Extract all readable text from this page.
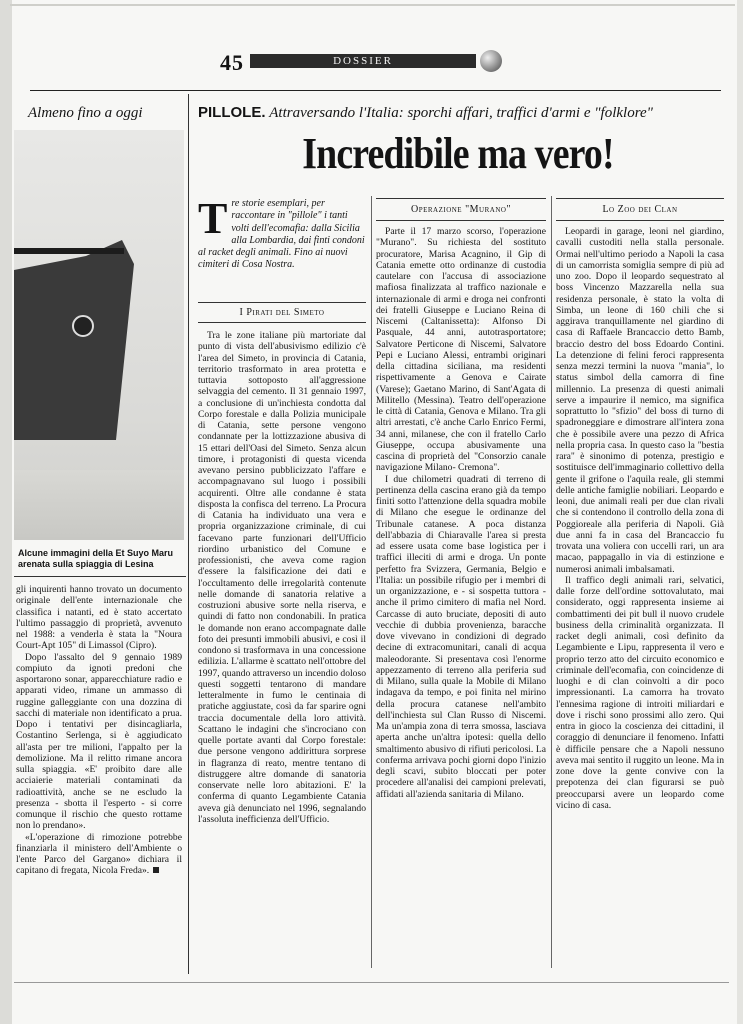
45	DOSSIER
Almeno fino a oggi
Alcune immagini della Et Suyo Maru arenata sulla spiaggia di Lesina

gli inquirenti hanno trovato un documento originale dell'ente internazionale che classifica i natanti, ed è stato accertato l'ultimo passaggio di proprietà, avvenuto nel 1988: a venderla è stata la "Noura Court-Apt 105" di Limassol (Cipro).

Dopo l'assalto del 9 gennaio 1989 compiuto da ignoti predoni che asportarono sonar, apparecchiature radio e apparati video, rimane un ammasso di ruggine galleggiante con una dozzina di sacchi di materiale non identificato a prua. Dopo i tentativi per disincagliarla, Costantino Serlenga, si è aggiudicato all'asta per tre milioni, l'appalto per la demolizione. Ma il relitto rimane ancora sulla spiaggia. «E' proibito dare alle acciaierie materiali contaminati da radioattività, anche se ne escludo la presenza - sbotta il l'esperto - si corre comunque il rischio che questo rottame non lo prendano».

«L'operazione di rimozione potrebbe finanziarla il ministero dell'Ambiente o l'ente Parco del Gargano» dichiara il capitano di fregata, Nicola Freda».

PILLOLE. Attraversando l'Italia: sporchi affari, traffici d'armi e "folklore"
Incredibile ma vero!
Tre storie esemplari, per raccontare in "pillole" i tanti volti dell'ecomafia: dalla Sicilia alla Lombardia, dai finti condoni al racket degli animali. Fino ai nuovi cimiteri di Cosa Nostra.
I Pirati del Simeto

Tra le zone italiane più martoriate dal punto di vista dell'abusivismo edilizio c'è l'area del Simeto, in provincia di Catania, territorio trasformato in area protetta e tuttavia sottoposto all'aggressione selvaggia del cemento. Il 31 gennaio 1997, a conclusione di un'inchiesta condotta dal Corpo forestale e dalla Polizia municipale di Catania, sette persone vengono condannate per la lottizzazione abusiva di 15 ettari dell'Oasi del Simeto. Senza alcun timore, i protagonisti di questa vicenda avevano persino pubblicizzato l'affare e accompagnavano sul luogo i possibili acquirenti. Oltre alle condanne è stata disposta la confisca del terreno. La Procura di Catania ha individuato una vera e propria organizzazione criminale, di cui facevano parte funzionari dell'Ufficio riordino urbanistico del Comune e professionisti, che aveva come ragion d'essere la falsificazione dei dati e l'occultamento delle irregolarità contenute nelle domande di sanatoria relative a costruzioni abusive sorte nella riserva, e quindi di fatto non condonabili. In pratica le domande non erano accompagnate dalle foto dei presunti immobili abusivi, e così il condono si trasformava in una concessione edilizia. L'allarme è scattato nell'ottobre del 1997, quando attraverso un incendio doloso questi soggetti tentarono di mandare letteralmente in fumo le centinaia di pratiche aggiustate, così da far sparire ogni traccia documentale della loro attività. Scattano le indagini che s'incrociano con quelle portate avanti dal Corpo forestale: due persone vengono addirittura sorprese in flagranza di reato, mentre tentano di distruggere altre domande di sanatoria conservate nelle loro abitazioni. E' la conferma di quanto Legambiente Catania aveva già denunciato nel 1996, segnalando l'assoluta inefficienza dell'Ufficio.

Operazione "Murano"

Parte il 17 marzo scorso, l'operazione "Murano". Su richiesta del sostituto procuratore, Marisa Acagnino, il Gip di Catania emette otto ordinanze di custodia cautelare con l'accusa di associazione mafiosa finalizzata al traffico nazionale e internazionale di armi e droga nei confronti dei fratelli Giuseppe e Luciano Reina di Niscemi (Caltanissetta): Alfonso Di Pasquale, 44 anni, autotrasportatore; Salvatore Perticone di Niscemi, Salvatore Pepi e Luciano Alessi, entrambi originari della cittadina siciliana, ma residenti rispettivamente a Genova e Cairate (Varese); Gaetano Marino, di Sant'Agata di Militello (Messina). Teatro dell'operazione le città di Catania, Genova e Milano. Tra gli altri arrestati, c'è anche Carlo Enrico Fermi, 34 anni, milanese, che con il fratello Carlo Giuseppe, occupa abusivamente una cascina di proprietà del "Consorzio canale navigazione Milano- Cremona".

I due chilometri quadrati di terreno di pertinenza della cascina erano già da tempo finiti sotto l'attenzione della squadra mobile di Milano che esegue le ordinanze del Tribunale catanese. A poca distanza dell'abbazia di Chiaravalle l'area si presta ad essere usata come base logistica per i traffici illeciti di armi e droga. Un ponte perfetto fra Svizzera, Germania, Belgio e l'Italia: un possibile rifugio per i membri di un organizzazione, e - si sospetta tuttora - anche il primo cimitero di mafia nel Nord. Carcasse di auto bruciate, depositi di auto vecchie di dubbia provenienza, baracche dove vivevano in condizioni di degrado decine di extracomunitari, canali di acqua maleodorante. Si presentava così l'enorme appezzamento di terreno alla periferia sud di Milano, sulla quale la Mobile di Milano indagava da tempo, e poi finita nel mirino della procura catanese nell'ambito dell'inchiesta sul Clan Russo di Niscemi. Ma un'ampia zona di terra smossa, lasciava aperta anche un'altra ipotesi: quella dello smaltimento abusivo di rifiuti pericolosi. La conferma arrivava pochi giorni dopo l'inizio degli scavi, subito bloccati per poter procedere all'analisi dei campioni prelevati, affidati all'azienda sanitaria di Milano.

Lo Zoo dei Clan

Leopardi in garage, leoni nel giardino, cavalli custoditi nella stalla personale. Ormai nell'ultimo periodo a Napoli la casa di un camorrista somiglia sempre di più ad uno zoo. Dopo il leopardo sequestrato al boss Vincenzo Mazzarella nella sua residenza personale, è stato la volta di Simba, un leone di 160 chili che si aggirava tranquillamente nel giardino di casa di Raffaele Brancaccio detto Bamb, braccio destro del boss Edoardo Contini. La detenzione di felini feroci rappresenta senza mezzi termini la nuova "mania", lo status simbol della camorra di fine millennio. La presenza di questi animali serve a impaurire il nemico, ma significa soprattutto lo "sfizio" del boss di turno di spadroneggiare e dimostrare all'intera zona che è possibile avere una pezzo di Africa nella propria casa. In questo caso la "bestia rara" è sinonimo di potenza, prestigio e sostituisce dell'immaginario collettivo della gente il grifone o l'aquila reale, gli stemmi delle antiche famiglie nobiliari. Leopardo e leoni, due animali reali per due clan rivali che si contendono il controllo della zona di Poggioreale alla periferia di Napoli. Già due anni fa in casa del Brancaccio fu trovata una voliera con uccelli rari, un ara macao, pappagallo in via di estinzione e numerosi animali imbalsamati.

Il traffico degli animali rari, selvatici, dalle forze dell'ordine sottovalutato, mai considerato, oggi rappresenta insieme ai combattimenti dei pit bull il nuovo crudele business della criminalità organizzata. Il racket degli animali, così definito da Legambiente e Lipu, rappresenta il vero e proprio terzo atto del circuito economico e criminale dell'ecomafia, con coincidenze di luoghi e di clan coinvolti a dir poco impressionanti. La camorra ha trovato l'ennesima ragione di introiti miliardari e dove i rischi sono prossimi allo zero. Qui entra in gioco la coscienza dei cittadini, il coraggio di denunciare il fenomeno. Infatti è difficile pensare che a Napoli nessuno aveva mai sentito il ruggito un leone. Ma in zone dove la gente convive con la prepotenza dei clan figurarsi se può preoccuparsi avere un leopardo come vicino di casa.
